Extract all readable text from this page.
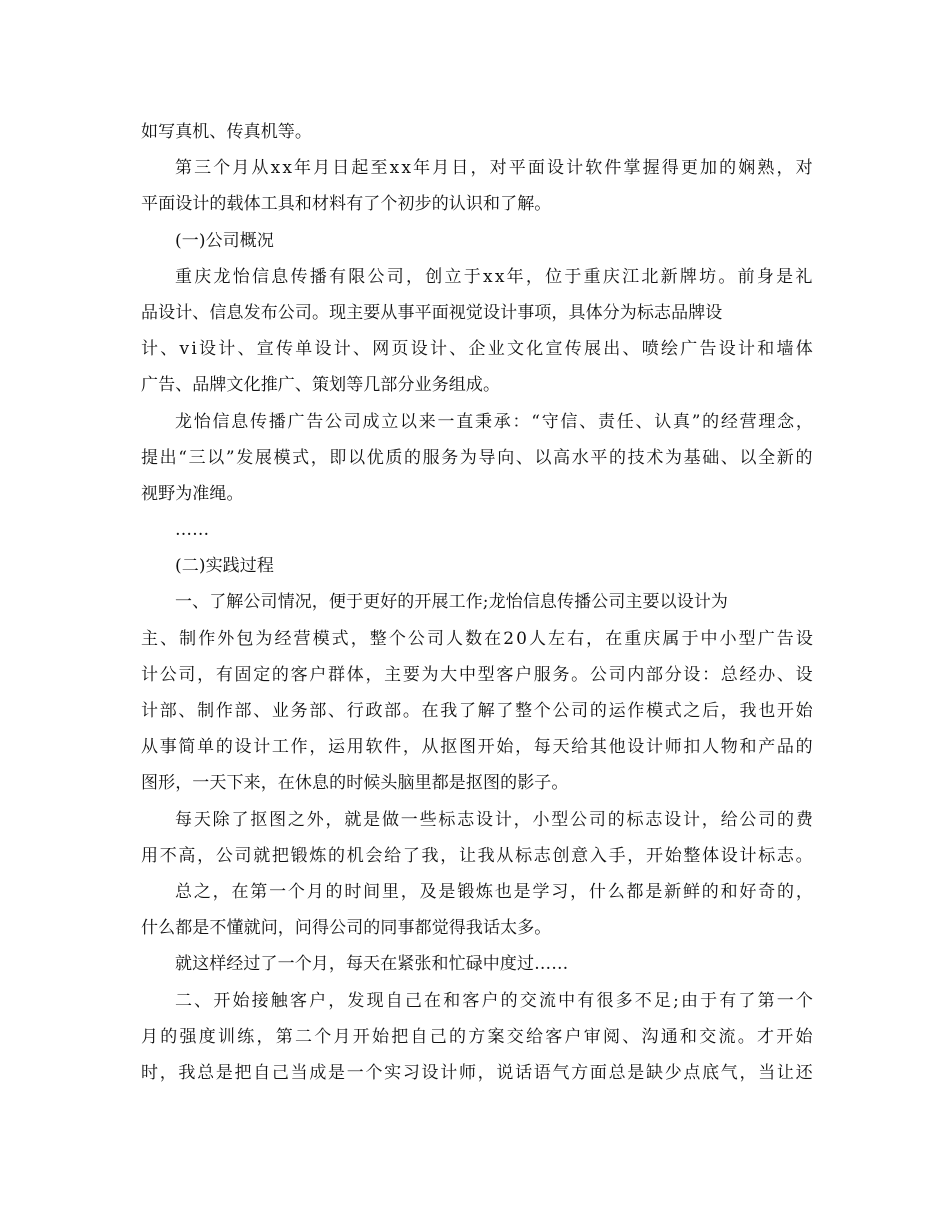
如写真机、传真机等。
第 三 个 月 从 x x 年 月 日 起 至 x x 年 月 日 ， 对 平 面 设 计 软 件 掌 握 得 更 加 的 娴 熟 ， 对
平面设计的载体工具和材料有了个初步的认识和了解。
(一)公司概况
重 庆 龙 怡 信 息 传 播 有 限 公 司 ， 创 立 于 x x 年 ， 位 于 重 庆 江 北 新 牌 坊 。 前 身 是 礼
品设计、信息发布公司。现主要从事平面视觉设计事项，具体分为标志品牌设
计 、 v i 设 计 、 宣 传 单 设 计 、 网 页 设 计 、 企 业 文 化 宣 传 展 出 、 喷 绘 广 告 设 计 和 墙 体
广告、品牌文化推广、策划等几部分业务组成。
龙 怡 信 息 传 播 广 告 公 司 成 立 以 来 一 直 秉 承 ： “ 守 信 、 责 任 、 认 真 ” 的 经 营 理 念 ，
提 出 “ 三 以 ” 发 展 模 式 ， 即 以 优 质 的 服 务 为 导 向 、 以 高 水 平 的 技 术 为 基 础 、 以 全 新 的
视野为准绳。
……
(二)实践过程
一、了解公司情况，便于更好的开展工作;龙怡信息传播公司主要以设计为
主 、 制 作 外 包 为 经 营 模 式 ， 整 个 公 司 人 数 在 2 0 人 左 右 ， 在 重 庆 属 于 中 小 型 广 告 设
计 公 司 ， 有 固 定 的 客 户 群 体 ， 主 要 为 大 中 型 客 户 服 务 。 公 司 内 部 分 设 ： 总 经 办 、 设
计 部 、 制 作 部 、 业 务 部 、 行 政 部 。 在 我 了 解 了 整 个 公 司 的 运 作 模 式 之 后 ， 我 也 开 始
从 事 简 单 的 设 计 工 作 ， 运 用 软 件 ， 从 抠 图 开 始 ， 每 天 给 其 他 设 计 师 扣 人 物 和 产 品 的
图形，一天下来，在休息的时候头脑里都是抠图的影子。
每 天 除 了 抠 图 之 外 ， 就 是 做 一 些 标 志 设 计 ， 小 型 公 司 的 标 志 设 计 ， 给 公 司 的 费
用 不 高 ， 公 司 就 把 锻 炼 的 机 会 给 了 我 ， 让 我 从 标 志 创 意 入 手 ， 开 始 整 体 设 计 标 志 。
总 之 ， 在 第 一 个 月 的 时 间 里 ， 及 是 锻 炼 也 是 学 习 ， 什 么 都 是 新 鲜 的 和 好 奇 的 ，
什么都是不懂就问，问得公司的同事都觉得我话太多。
就这样经过了一个月，每天在紧张和忙碌中度过……
二 、 开 始 接 触 客 户 ， 发 现 自 己 在 和 客 户 的 交 流 中 有 很 多 不 足 ; 由 于 有 了 第 一 个
月 的 强 度 训 练 ， 第 二 个 月 开 始 把 自 己 的 方 案 交 给 客 户 审 阅 、 沟 通 和 交 流 。 才 开 始
时 ， 我 总 是 把 自 己 当 成 是 一 个 实 习 设 计 师 ， 说 话 语 气 方 面 总 是 缺 少 点 底 气 ， 当 让 还
